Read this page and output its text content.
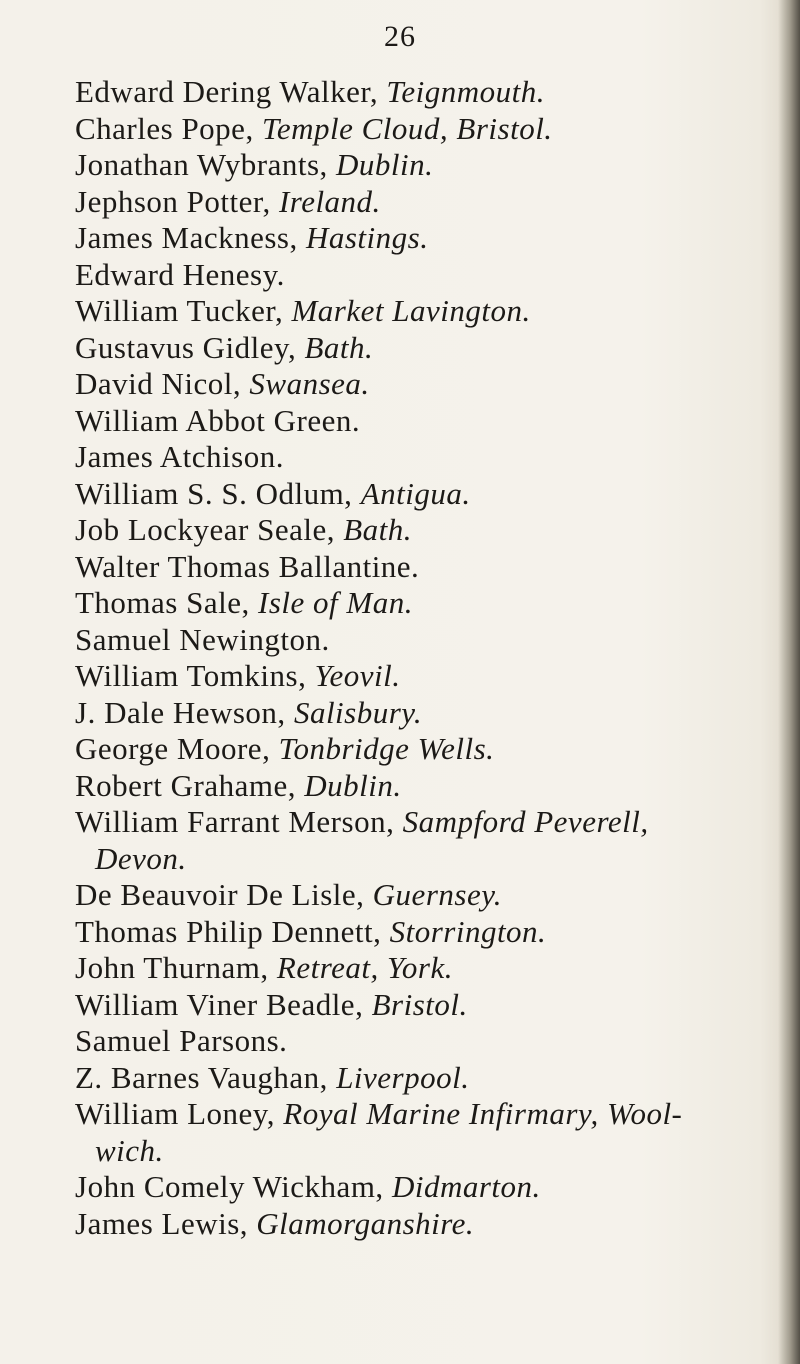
26
Edward Dering Walker, Teignmouth.
Charles Pope, Temple Cloud, Bristol.
Jonathan Wybrants, Dublin.
Jephson Potter, Ireland.
James Mackness, Hastings.
Edward Henesy.
William Tucker, Market Lavington.
Gustavus Gidley, Bath.
David Nicol, Swansea.
William Abbot Green.
James Atchison.
William S. S. Odlum, Antigua.
Job Lockyear Seale, Bath.
Walter Thomas Ballantine.
Thomas Sale, Isle of Man.
Samuel Newington.
William Tomkins, Yeovil.
J. Dale Hewson, Salisbury.
George Moore, Tonbridge Wells.
Robert Grahame, Dublin.
William Farrant Merson, Sampford Peverell,
Devon.
De Beauvoir De Lisle, Guernsey.
Thomas Philip Dennett, Storrington.
John Thurnam, Retreat, York.
William Viner Beadle, Bristol.
Samuel Parsons.
Z. Barnes Vaughan, Liverpool.
William Loney, Royal Marine Infirmary, Wool-
wich.
John Comely Wickham, Didmarton.
James Lewis, Glamorganshire.
